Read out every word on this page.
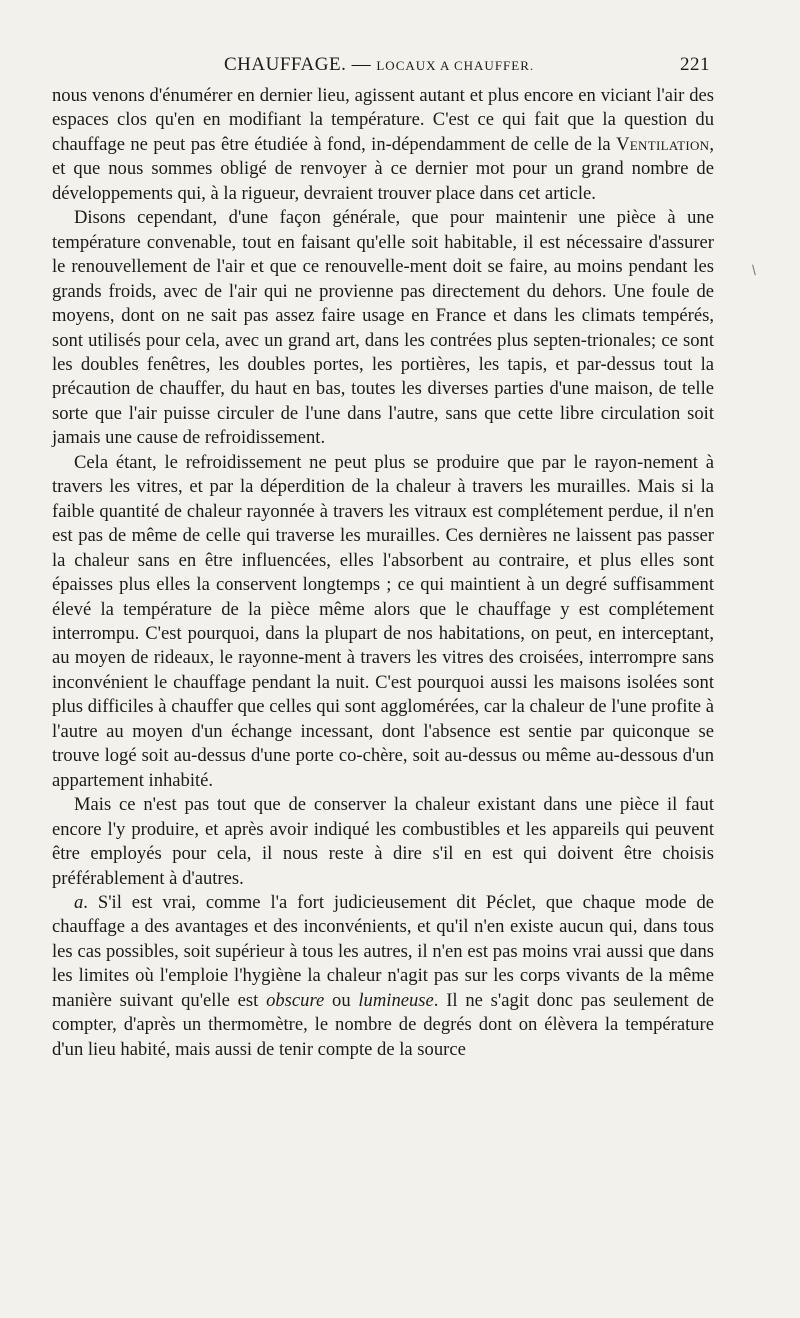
CHAUFFAGE. — LOCAUX A CHAUFFER.	221

nous venons d'énumérer en dernier lieu, agissent autant et plus encore en viciant l'air des espaces clos qu'en en modifiant la température. C'est ce qui fait que la question du chauffage ne peut pas être étudiée à fond, in-dépendamment de celle de la Ventilation, et que nous sommes obligé de renvoyer à ce dernier mot pour un grand nombre de développements qui, à la rigueur, devraient trouver place dans cet article.

Disons cependant, d'une façon générale, que pour maintenir une pièce à une température convenable, tout en faisant qu'elle soit habitable, il est nécessaire d'assurer le renouvellement de l'air et que ce renouvelle-ment doit se faire, au moins pendant les grands froids, avec de l'air qui ne provienne pas directement du dehors. Une foule de moyens, dont on ne sait pas assez faire usage en France et dans les climats tempérés, sont utilisés pour cela, avec un grand art, dans les contrées plus septen-trionales; ce sont les doubles fenêtres, les doubles portes, les portières, les tapis, et par-dessus tout la précaution de chauffer, du haut en bas, toutes les diverses parties d'une maison, de telle sorte que l'air puisse circuler de l'une dans l'autre, sans que cette libre circulation soit jamais une cause de refroidissement.

Cela étant, le refroidissement ne peut plus se produire que par le rayon-nement à travers les vitres, et par la déperdition de la chaleur à travers les murailles. Mais si la faible quantité de chaleur rayonnée à travers les vitraux est complétement perdue, il n'en est pas de même de celle qui traverse les murailles. Ces dernières ne laissent pas passer la chaleur sans en être influencées, elles l'absorbent au contraire, et plus elles sont épaisses plus elles la conservent longtemps ; ce qui maintient à un degré suffisamment élevé la température de la pièce même alors que le chauffage y est complétement interrompu. C'est pourquoi, dans la plupart de nos habitations, on peut, en interceptant, au moyen de rideaux, le rayonne-ment à travers les vitres des croisées, interrompre sans inconvénient le chauffage pendant la nuit. C'est pourquoi aussi les maisons isolées sont plus difficiles à chauffer que celles qui sont agglomérées, car la chaleur de l'une profite à l'autre au moyen d'un échange incessant, dont l'absence est sentie par quiconque se trouve logé soit au-dessus d'une porte co-chère, soit au-dessus ou même au-dessous d'un appartement inhabité.

Mais ce n'est pas tout que de conserver la chaleur existant dans une pièce il faut encore l'y produire, et après avoir indiqué les combustibles et les appareils qui peuvent être employés pour cela, il nous reste à dire s'il en est qui doivent être choisis préférablement à d'autres.

a. S'il est vrai, comme l'a fort judicieusement dit Péclet, que chaque mode de chauffage a des avantages et des inconvénients, et qu'il n'en existe aucun qui, dans tous les cas possibles, soit supérieur à tous les autres, il n'en est pas moins vrai aussi que dans les limites où l'emploie l'hygiène la chaleur n'agit pas sur les corps vivants de la même manière suivant qu'elle est obscure ou lumineuse. Il ne s'agit donc pas seulement de compter, d'après un thermomètre, le nombre de degrés dont on élèvera la température d'un lieu habité, mais aussi de tenir compte de la source

/
